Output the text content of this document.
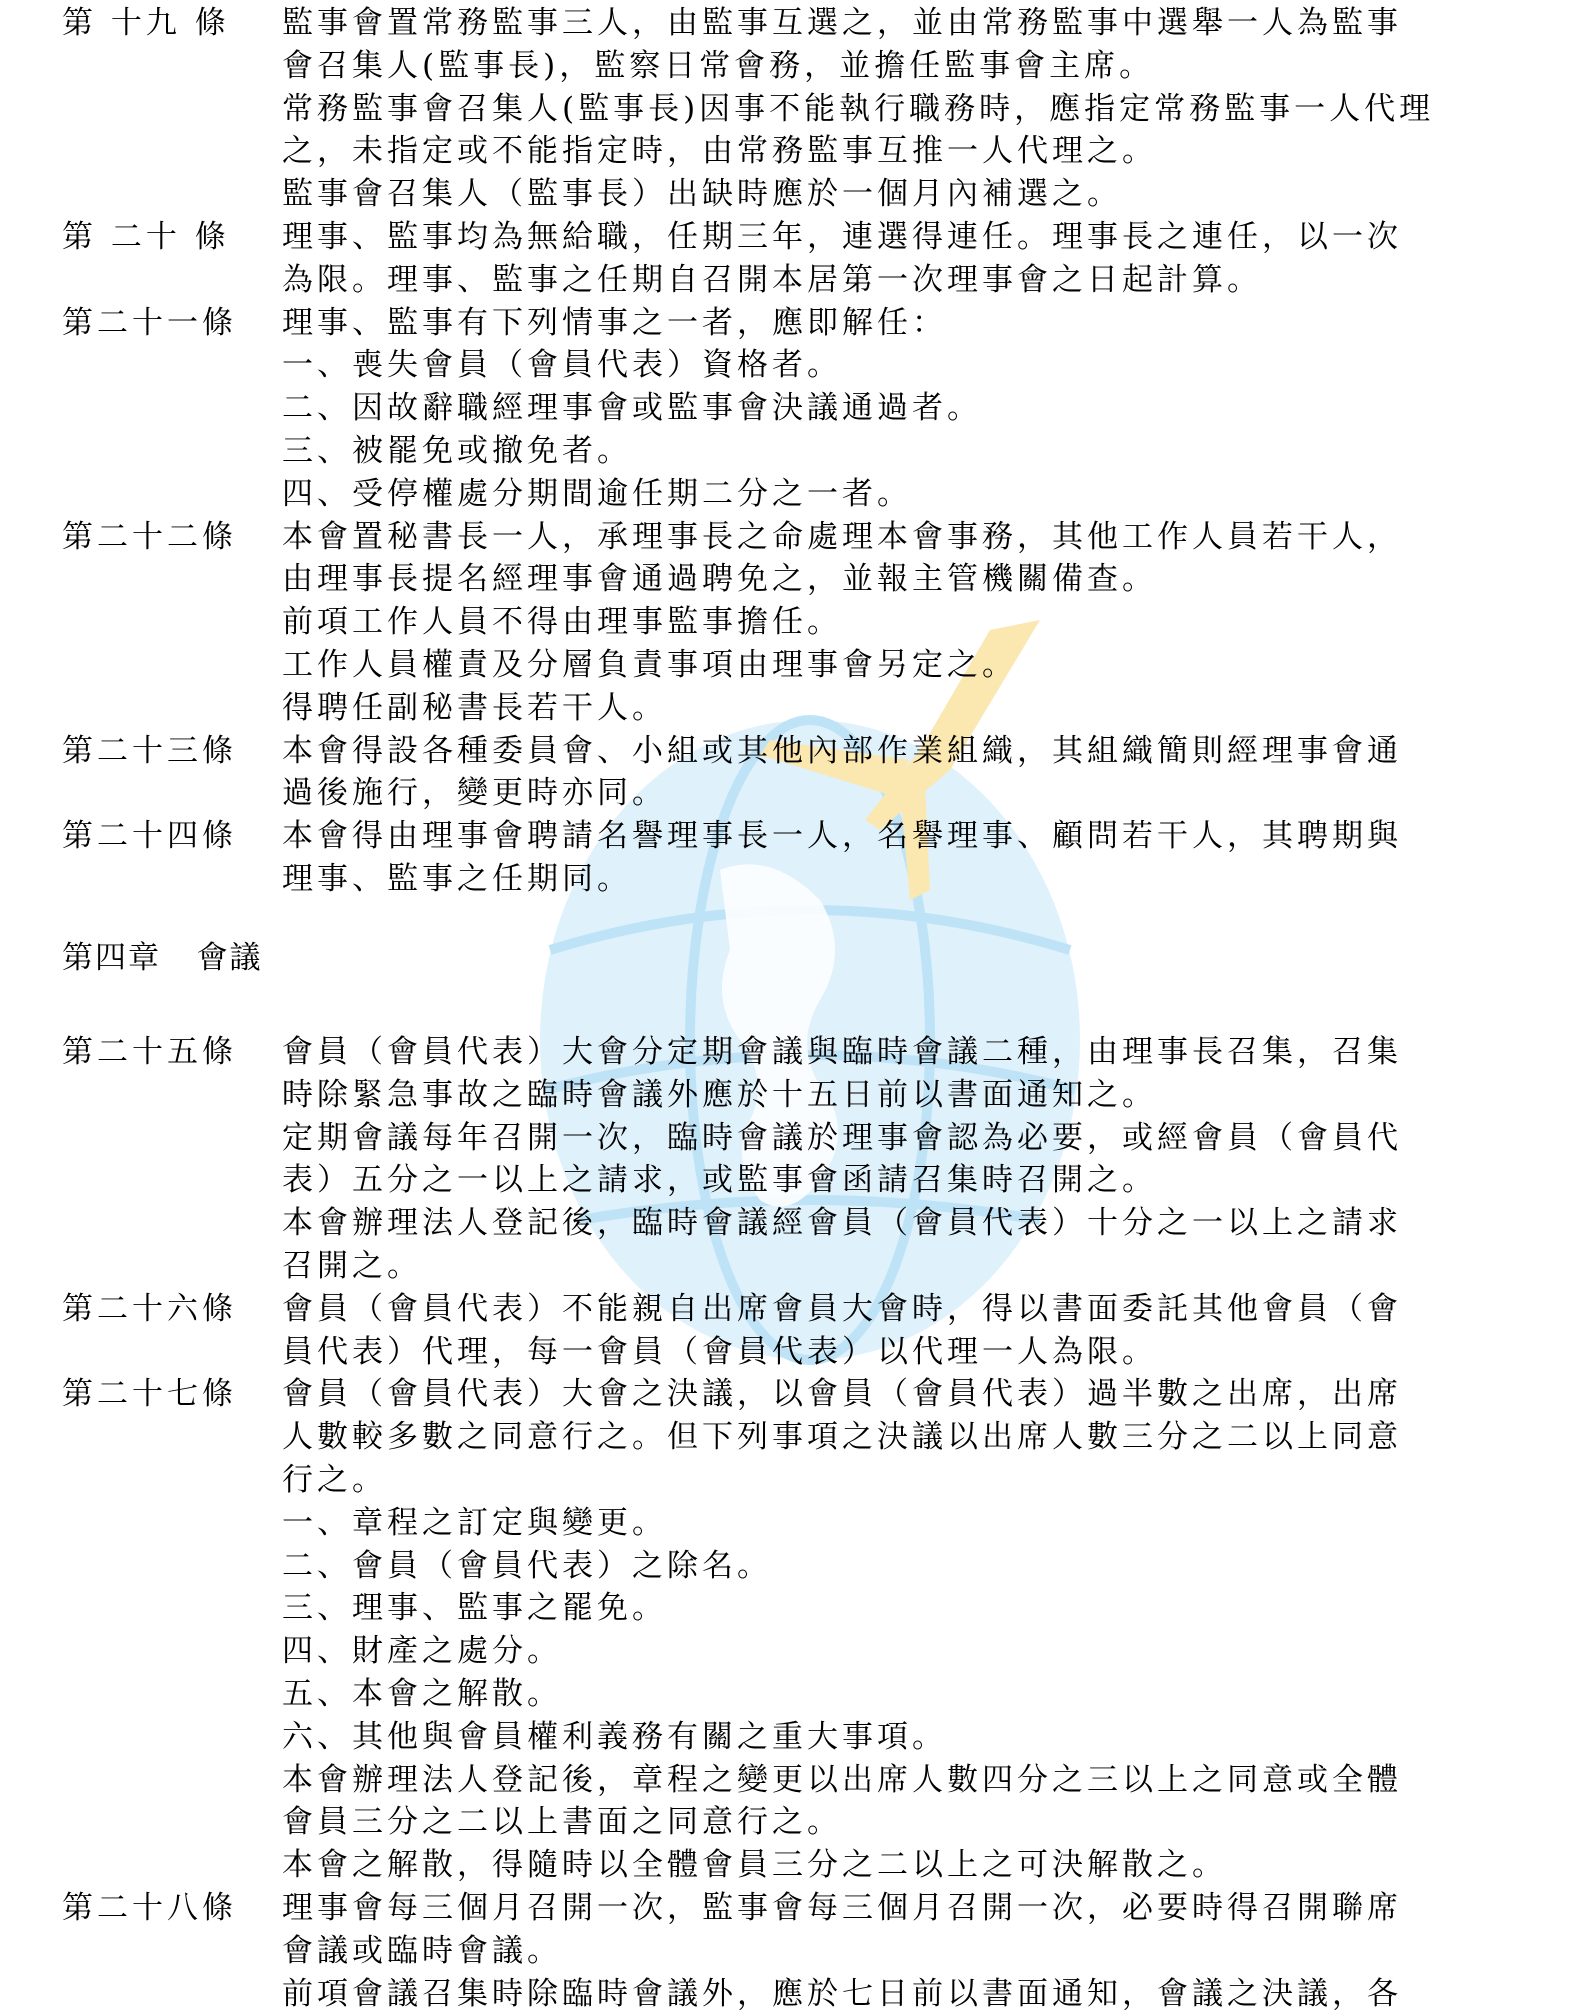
第 十九 條	監事會置常務監事三人，由監事互選之，並由常務監事中選舉一人為監事
會召集人(監事長)，監察日常會務，並擔任監事會主席。
常務監事會召集人(監事長)因事不能執行職務時，應指定常務監事一人代理
之，未指定或不能指定時，由常務監事互推一人代理之。
監事會召集人（監事長）出缺時應於一個月內補選之。
第 二十 條	理事、監事均為無給職，任期三年，連選得連任。理事長之連任，以一次
為限。理事、監事之任期自召開本居第一次理事會之日起計算。
第二十一條	理事、監事有下列情事之一者，應即解任：
一、喪失會員（會員代表）資格者。
二、因故辭職經理事會或監事會決議通過者。
三、被罷免或撤免者。
四、受停權處分期間逾任期二分之一者。
第二十二條	本會置秘書長一人，承理事長之命處理本會事務，其他工作人員若干人，
由理事長提名經理事會通過聘免之，並報主管機關備查。
前項工作人員不得由理事監事擔任。
工作人員權責及分層負責事項由理事會另定之。
得聘任副秘書長若干人。
第二十三條	本會得設各種委員會、小組或其他內部作業組織，其組織簡則經理事會通
過後施行，變更時亦同。
第二十四條	本會得由理事會聘請名譽理事長一人，名譽理事、顧問若干人，其聘期與
理事、監事之任期同。
第四章 會議
第二十五條	會員（會員代表）大會分定期會議與臨時會議二種，由理事長召集，召集
時除緊急事故之臨時會議外應於十五日前以書面通知之。
定期會議每年召開一次，臨時會議於理事會認為必要，或經會員（會員代
表）五分之一以上之請求，或監事會函請召集時召開之。
本會辦理法人登記後，臨時會議經會員（會員代表）十分之一以上之請求
召開之。
第二十六條	會員（會員代表）不能親自出席會員大會時，得以書面委託其他會員（會
員代表）代理，每一會員（會員代表）以代理一人為限。
第二十七條	會員（會員代表）大會之決議，以會員（會員代表）過半數之出席，出席
人數較多數之同意行之。但下列事項之決議以出席人數三分之二以上同意
行之。
一、章程之訂定與變更。
二、會員（會員代表）之除名。
三、理事、監事之罷免。
四、財產之處分。
五、本會之解散。
六、其他與會員權利義務有關之重大事項。
本會辦理法人登記後，章程之變更以出席人數四分之三以上之同意或全體
會員三分之二以上書面之同意行之。
本會之解散，得隨時以全體會員三分之二以上之可決解散之。
第二十八條	理事會每三個月召開一次，監事會每三個月召開一次，必要時得召開聯席
會議或臨時會議。
前項會議召集時除臨時會議外，應於七日前以書面通知，會議之決議，各
